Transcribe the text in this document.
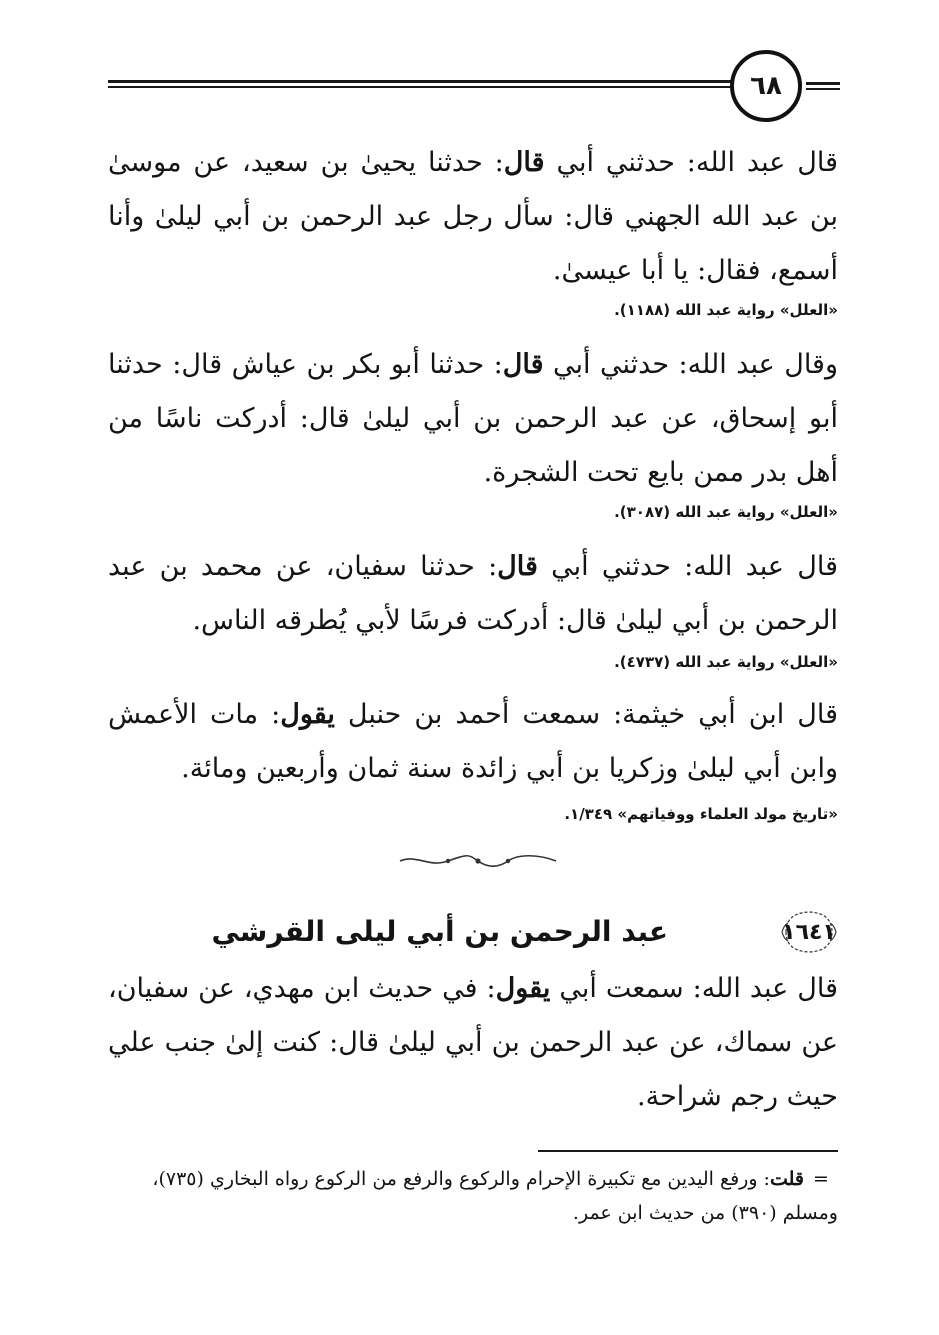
٦٨

قال عبد الله: حدثني أبي قال: حدثنا يحيىٰ بن سعيد، عن موسىٰ بن عبد الله الجهني قال: سأل رجل عبد الرحمن بن أبي ليلىٰ وأنا أسمع، فقال: يا أبا عيسىٰ.

«العلل» رواية عبد الله (١١٨٨).

وقال عبد الله: حدثني أبي قال: حدثنا أبو بكر بن عياش قال: حدثنا أبو إسحاق، عن عبد الرحمن بن أبي ليلىٰ قال: أدركت ناسًا من أهل بدر ممن بايع تحت الشجرة.

«العلل» رواية عبد الله (٣٠٨٧).

قال عبد الله: حدثني أبي قال: حدثنا سفيان، عن محمد بن عبد الرحمن بن أبي ليلىٰ قال: أدركت فرسًا لأبي يُطرقه الناس.

«العلل» رواية عبد الله (٤٧٣٧).

قال ابن أبي خيثمة: سمعت أحمد بن حنبل يقول: مات الأعمش وابن أبي ليلىٰ وزكريا بن أبي زائدة سنة ثمان وأربعين ومائة.

«تاريخ مولد العلماء ووفياتهم» ١/٣٤٩.
١٦٤١
عبد الرحمن بن أبي ليلى القرشي

قال عبد الله: سمعت أبي يقول: في حديث ابن مهدي، عن سفيان، عن سماك، عن عبد الرحمن بن أبي ليلىٰ قال: كنت إلىٰ جنب علي حيث رجم شراحة.

=قلت: ورفع اليدين مع تكبيرة الإحرام والركوع والرفع من الركوع رواه البخاري (٧٣٥)، ومسلم (٣٩٠) من حديث ابن عمر.
